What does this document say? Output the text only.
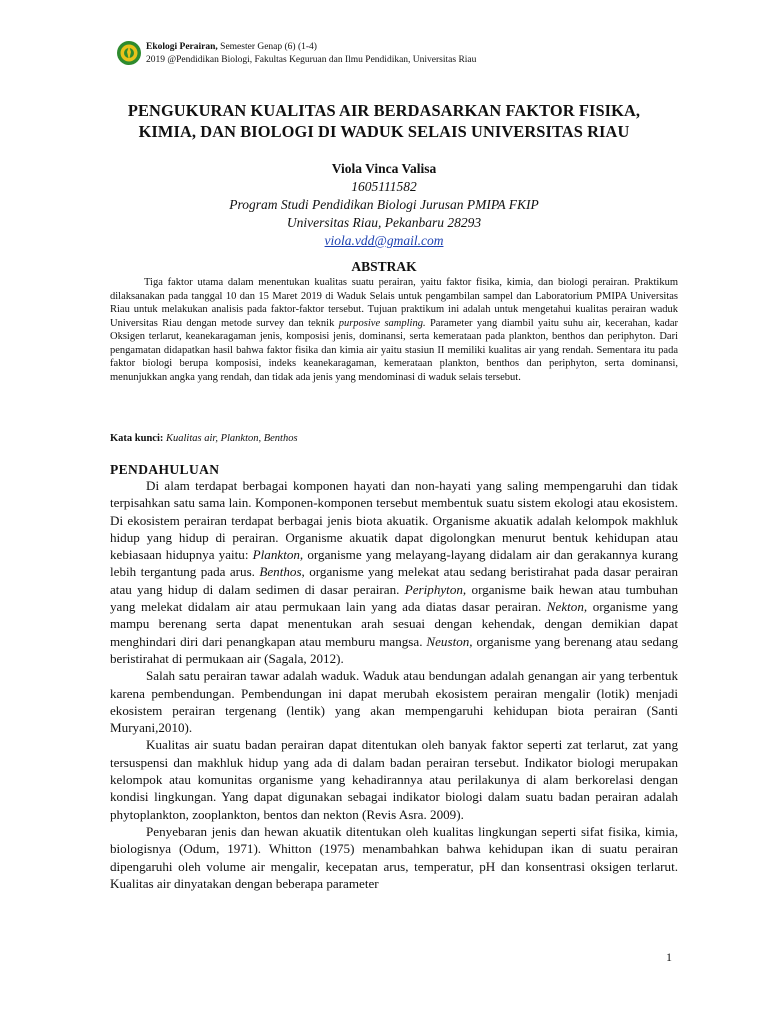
Ekologi Perairan, Semester Genap (6) (1-4)
2019 @Pendidikan Biologi, Fakultas Keguruan dan Ilmu Pendidikan, Universitas Riau
PENGUKURAN KUALITAS AIR BERDASARKAN FAKTOR FISIKA,
KIMIA, DAN BIOLOGI DI WADUK SELAIS UNIVERSITAS RIAU
Viola Vinca Valisa
1605111582
Program Studi Pendidikan Biologi Jurusan PMIPA FKIP
Universitas Riau, Pekanbaru 28293
viola.vdd@gmail.com
ABSTRAK

Tiga faktor utama dalam menentukan kualitas suatu perairan, yaitu faktor fisika, kimia, dan biologi perairan. Praktikum dilaksanakan pada tanggal 10 dan 15 Maret 2019 di Waduk Selais untuk pengambilan sampel dan Laboratorium PMIPA Universitas Riau untuk melakukan analisis pada faktor-faktor tersebut. Tujuan praktikum ini adalah untuk mengetahui kualitas perairan waduk Universitas Riau dengan metode survey dan teknik purposive sampling. Parameter yang diambil yaitu suhu air, kecerahan, kadar Oksigen terlarut, keanekaragaman jenis, komposisi jenis, dominansi, serta kemerataan pada plankton, benthos dan periphyton. Dari pengamatan didapatkan hasil bahwa faktor fisika dan kimia air yaitu stasiun II memiliki kualitas air yang rendah. Sementara itu pada faktor biologi berupa komposisi, indeks keanekaragaman, kemerataan plankton, benthos dan periphyton, serta dominansi, menunjukkan angka yang rendah, dan tidak ada jenis yang mendominasi di waduk selais tersebut.

Kata kunci: Kualitas air, Plankton, Benthos
PENDAHULUAN

Di alam terdapat berbagai komponen hayati dan non-hayati yang saling mempengaruhi dan tidak terpisahkan satu sama lain. Komponen-komponen tersebut membentuk suatu sistem ekologi atau ekosistem. Di ekosistem perairan terdapat berbagai jenis biota akuatik. Organisme akuatik adalah kelompok makhluk hidup yang hidup di perairan. Organisme akuatik dapat digolongkan menurut bentuk kehidupan atau kebiasaan hidupnya yaitu: Plankton, organisme yang melayang-layang didalam air dan gerakannya kurang lebih tergantung pada arus. Benthos, organisme yang melekat atau sedang beristirahat pada dasar perairan atau yang hidup di dalam sedimen di dasar perairan. Periphyton, organisme baik hewan atau tumbuhan yang melekat didalam air atau permukaan lain yang ada diatas dasar perairan. Nekton, organisme yang mampu berenang serta dapat menentukan arah sesuai dengan kehendak, dengan demikian dapat menghindari diri dari penangkapan atau memburu mangsa. Neuston, organisme yang berenang atau sedang beristirahat di permukaan air (Sagala, 2012).

Salah satu perairan tawar adalah waduk. Waduk atau bendungan adalah genangan air yang terbentuk karena pembendungan. Pembendungan ini dapat merubah ekosistem perairan mengalir (lotik) menjadi ekosistem perairan tergenang (lentik) yang akan mempengaruhi kehidupan biota perairan (Santi Muryani,2010).

Kualitas air suatu badan perairan dapat ditentukan oleh banyak faktor seperti zat terlarut, zat yang tersuspensi dan makhluk hidup yang ada di dalam badan perairan tersebut. Indikator biologi merupakan kelompok atau komunitas organisme yang kehadirannya atau perilakunya di alam berkorelasi dengan kondisi lingkungan. Yang dapat digunakan sebagai indikator biologi dalam suatu badan perairan adalah phytoplankton, zooplankton, bentos dan nekton (Revis Asra. 2009).

Penyebaran jenis dan hewan akuatik ditentukan oleh kualitas lingkungan seperti sifat fisika, kimia, biologisnya (Odum, 1971). Whitton (1975) menambahkan bahwa kehidupan ikan di suatu perairan dipengaruhi oleh volume air mengalir, kecepatan arus, temperatur, pH dan konsentrasi oksigen terlarut. Kualitas air dinyatakan dengan beberapa parameter

1
